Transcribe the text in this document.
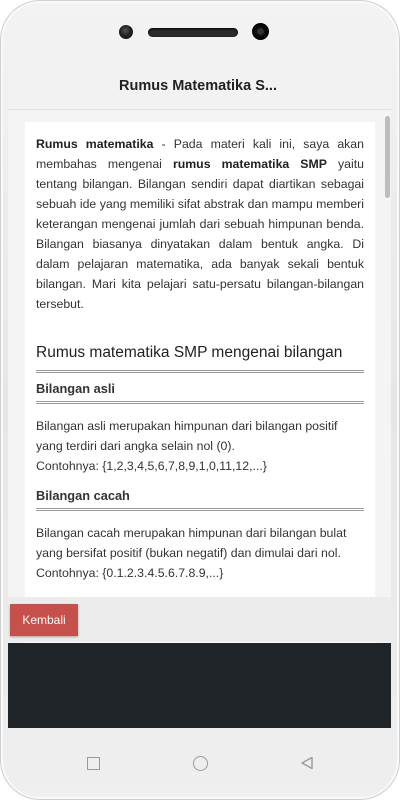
Rumus Matematika S...

Rumus matematika - Pada materi kali ini, saya akan membahas mengenai rumus matematika SMP yaitu tentang bilangan. Bilangan sendiri dapat diartikan sebagai sebuah ide yang memiliki sifat abstrak dan mampu memberi keterangan mengenai jumlah dari sebuah himpunan benda. Bilangan biasanya dinyatakan dalam bentuk angka. Di dalam pelajaran matematika, ada banyak sekali bentuk bilangan. Mari kita pelajari satu-persatu bilangan-bilangan tersebut.

Rumus matematika SMP mengenai bilangan
Bilangan asli

Bilangan asli merupakan himpunan dari bilangan positif yang terdiri dari angka selain nol (0).
Contohnya: {1,2,3,4,5,6,7,8,9,1,0,11,12,...}

Bilangan cacah

Bilangan cacah merupakan himpunan dari bilangan bulat yang bersifat positif (bukan negatif) dan dimulai dari nol.
Contohnya: {0.1.2.3.4.5.6.7.8.9,...}

Kembali
